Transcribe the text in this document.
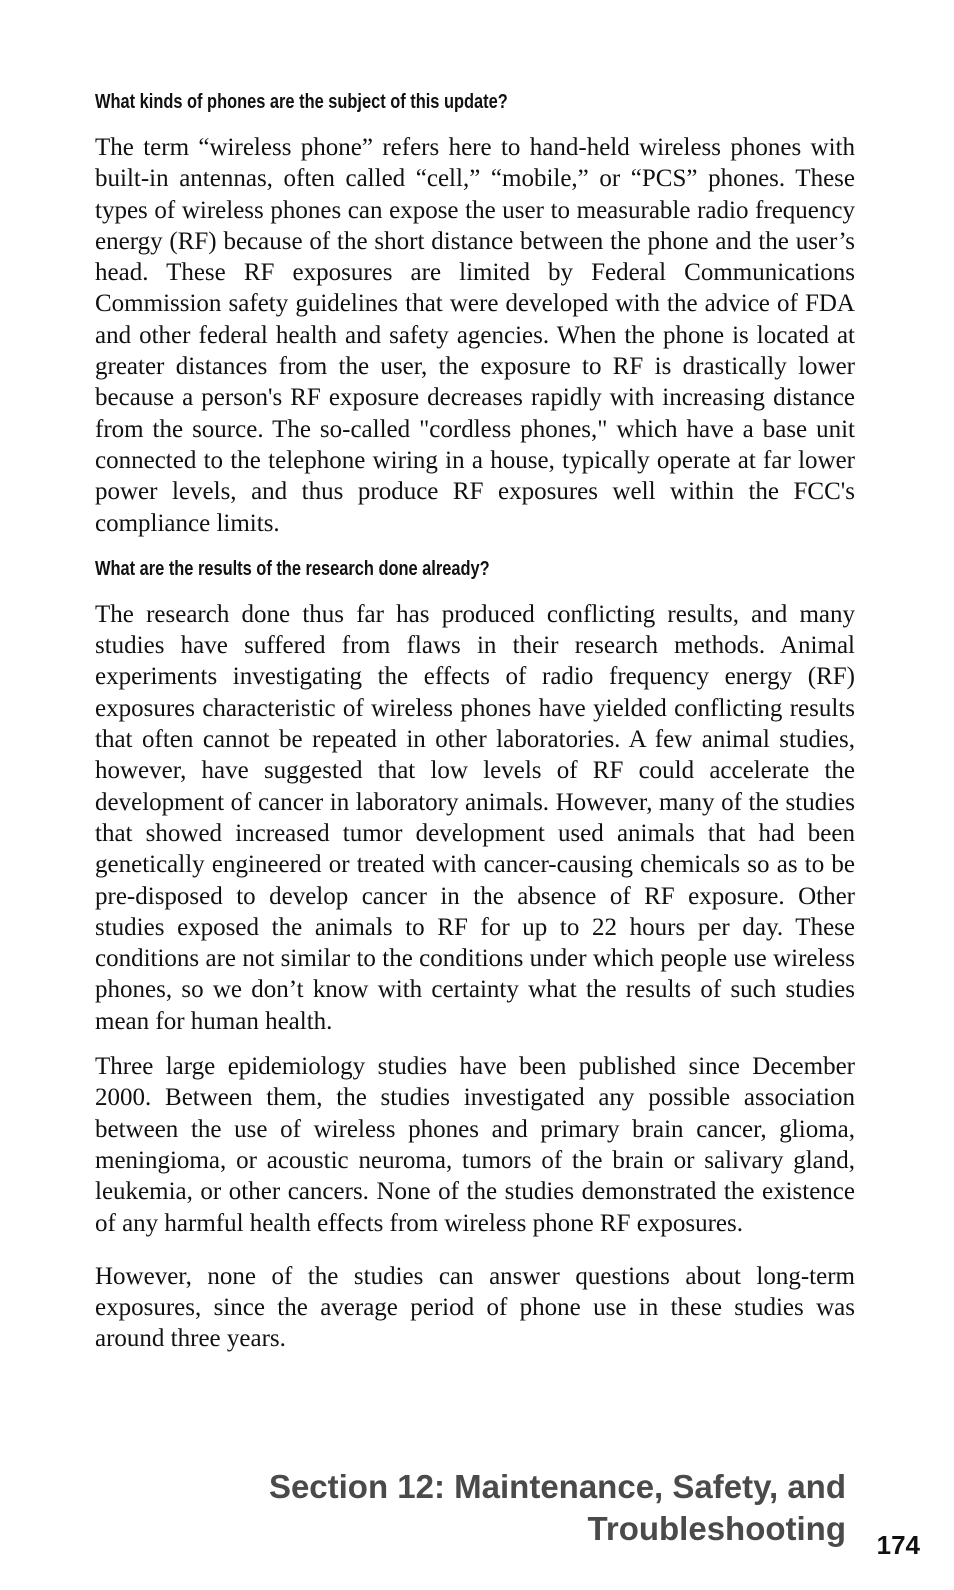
What kinds of phones are the subject of this update?

The term “wireless phone” refers here to hand-held wireless phones with built-in antennas, often called “cell,” “mobile,” or “PCS” phones. These types of wireless phones can expose the user to measurable radio frequency energy (RF) because of the short distance between the phone and the user’s head. These RF exposures are limited by Federal Communications Commission safety guidelines that were developed with the advice of FDA and other federal health and safety agencies. When the phone is located at greater distances from the user, the exposure to RF is drastically lower because a person's RF exposure decreases rapidly with increasing distance from the source. The so-called "cordless phones," which have a base unit connected to the telephone wiring in a house, typically operate at far lower power levels, and thus produce RF exposures well within the FCC's compliance limits.

What are the results of the research done already?

The research done thus far has produced conflicting results, and many studies have suffered from flaws in their research methods. Animal experiments investigating the effects of radio frequency energy (RF) exposures characteristic of wireless phones have yielded conflicting results that often cannot be repeated in other laboratories. A few animal studies, however, have suggested that low levels of RF could accelerate the development of cancer in laboratory animals. However, many of the studies that showed increased tumor development used animals that had been genetically engineered or treated with cancer-causing chemicals so as to be pre-disposed to develop cancer in the absence of RF exposure. Other studies exposed the animals to RF for up to 22 hours per day. These conditions are not similar to the conditions under which people use wireless phones, so we don’t know with certainty what the results of such studies mean for human health.

Three large epidemiology studies have been published since December 2000. Between them, the studies investigated any possible association between the use of wireless phones and primary brain cancer, glioma, meningioma, or acoustic neuroma, tumors of the brain or salivary gland, leukemia, or other cancers. None of the studies demonstrated the existence of any harmful health effects from wireless phone RF exposures.

However, none of the studies can answer questions about long-term exposures, since the average period of phone use in these studies was around three years.

Section 12: Maintenance, Safety, and
Troubleshooting 174
